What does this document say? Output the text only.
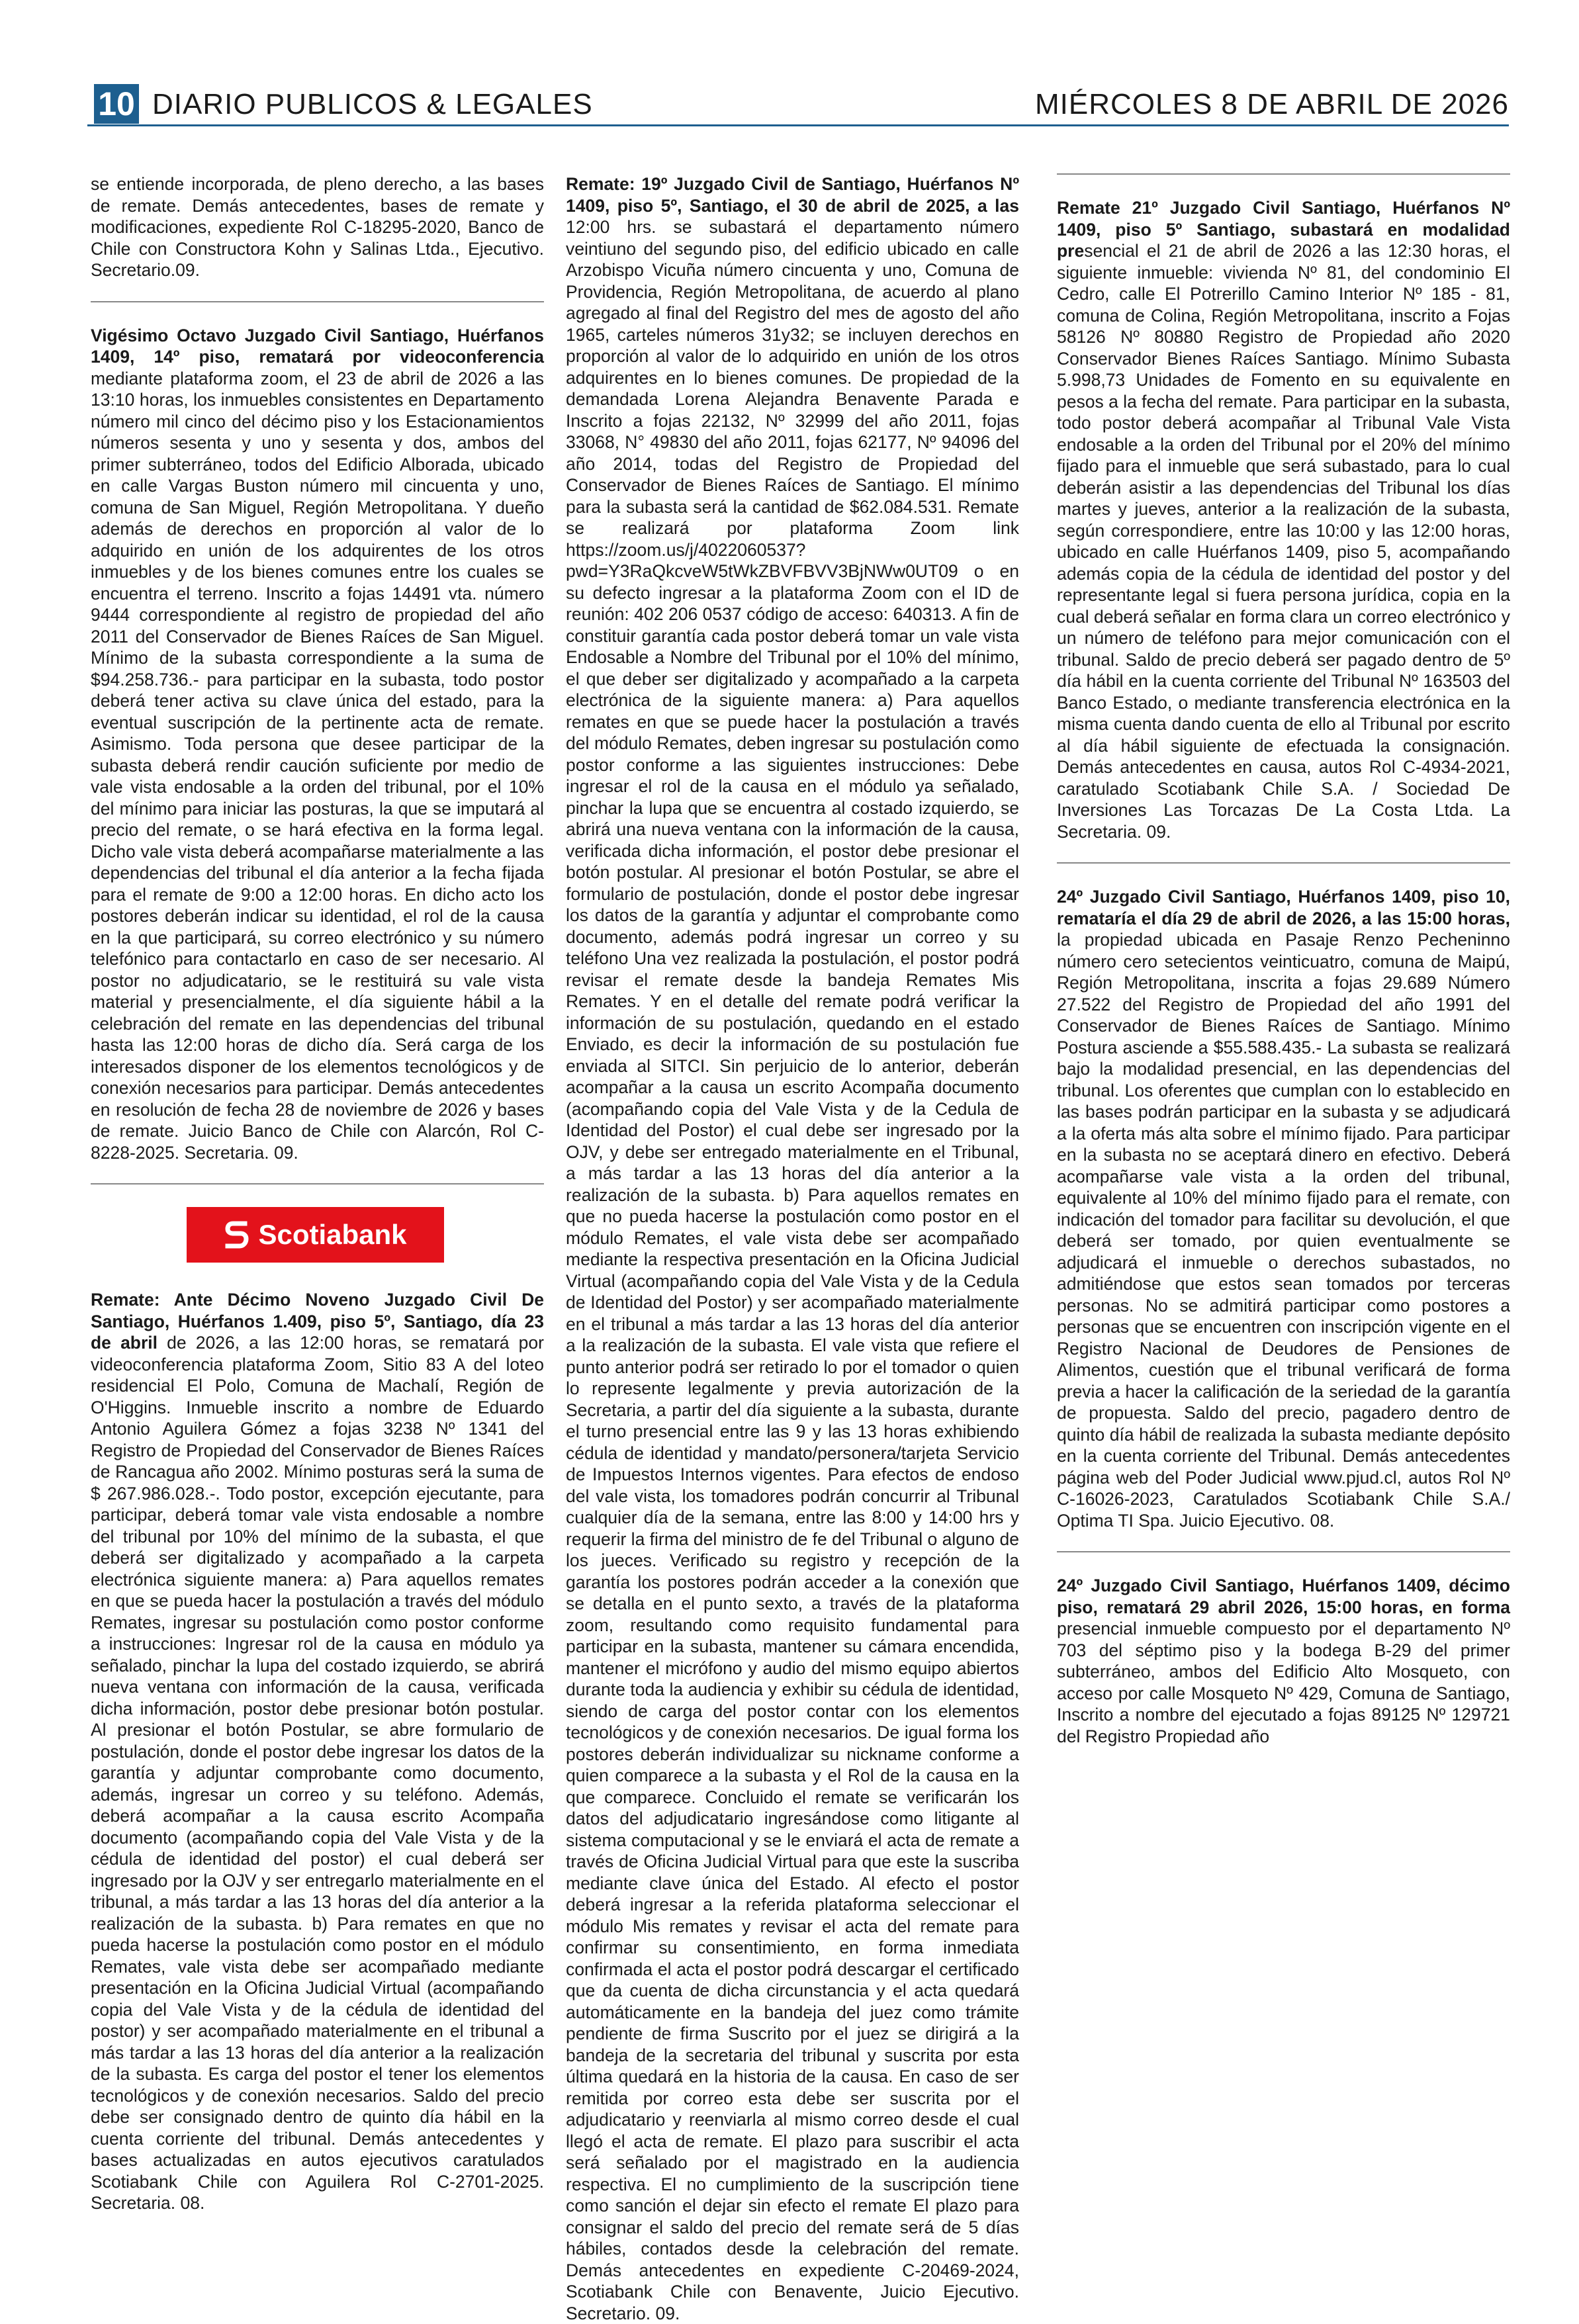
10 DIARIO PUBLICOS & LEGALES	MIÉRCOLES 8 DE ABRIL DE 2026

se entiende incorporada, de pleno derecho, a las bases de remate. Demás antecedentes, bases de remate y modificaciones, expediente Rol C-18295-2020, Banco de Chile con Constructora Kohn y Salinas Ltda., Ejecutivo. Secretario.09.

Vigésimo Octavo Juzgado Civil Santiago, Huérfanos 1409, 14º piso, rematará por videoconferencia mediante plataforma zoom, el 23 de abril de 2026 a las 13:10 horas, los inmuebles consistentes en Departamento número mil cinco del décimo piso y los Estacionamientos números sesenta y uno y sesenta y dos, ambos del primer subterráneo, todos del Edificio Alborada, ubicado en calle Vargas Buston número mil cincuenta y uno, comuna de San Miguel, Región Metropolitana. Y dueño además de derechos en proporción al valor de lo adquirido en unión de los adquirentes de los otros inmuebles y de los bienes comunes entre los cuales se encuentra el terreno. Inscrito a fojas 14491 vta. número 9444 correspondiente al registro de propiedad del año 2011 del Conservador de Bienes Raíces de San Miguel. Mínimo de la subasta correspondiente a la suma de $94.258.736.- para participar en la subasta, todo postor deberá tener activa su clave única del estado, para la eventual suscripción de la pertinente acta de remate. Asimismo. Toda persona que desee participar de la subasta deberá rendir caución suficiente por medio de vale vista endosable a la orden del tribunal, por el 10% del mínimo para iniciar las posturas, la que se imputará al precio del remate, o se hará efectiva en la forma legal. Dicho vale vista deberá acompañarse materialmente a las dependencias del tribunal el día anterior a la fecha fijada para el remate de 9:00 a 12:00 horas. En dicho acto los postores deberán indicar su identidad, el rol de la causa en la que participará, su correo electrónico y su número telefónico para contactarlo en caso de ser necesario. Al postor no adjudicatario, se le restituirá su vale vista material y presencialmente, el día siguiente hábil a la celebración del remate en las dependencias del tribunal hasta las 12:00 horas de dicho día. Será carga de los interesados disponer de los elementos tecnológicos y de conexión necesarios para participar. Demás antecedentes en resolución de fecha 28 de noviembre de 2026 y bases de remate. Juicio Banco de Chile con Alarcón, Rol C-8228-2025. Secretaria. 09.

Scotiabank

Remate: Ante Décimo Noveno Juzgado Civil De Santiago, Huérfanos 1.409, piso 5º, Santiago, día 23 de abril de 2026, a las 12:00 horas, se rematará por videoconferencia plataforma Zoom, Sitio 83 A del loteo residencial El Polo, Comuna de Machalí, Región de O'Higgins. Inmueble inscrito a nombre de Eduardo Antonio Aguilera Gómez a fojas 3238 Nº 1341 del Registro de Propiedad del Conservador de Bienes Raíces de Rancagua año 2002. Mínimo posturas será la suma de $ 267.986.028.-. Todo postor, excepción ejecutante, para participar, deberá tomar vale vista endosable a nombre del tribunal por 10% del mínimo de la subasta, el que deberá ser digitalizado y acompañado a la carpeta electrónica siguiente manera: a) Para aquellos remates en que se pueda hacer la postulación a través del módulo Remates, ingresar su postulación como postor conforme a instrucciones: Ingresar rol de la causa en módulo ya señalado, pinchar la lupa del costado izquierdo, se abrirá nueva ventana con información de la causa, verificada dicha información, postor debe presionar botón postular. Al presionar el botón Postular, se abre formulario de postulación, donde el postor debe ingresar los datos de la garantía y adjuntar comprobante como documento, además, ingresar un correo y su teléfono. Además, deberá acompañar a la causa escrito Acompaña documento (acompañando copia del Vale Vista y de la cédula de identidad del postor) el cual deberá ser ingresado por la OJV y ser entregarlo materialmente en el tribunal, a más tardar a las 13 horas del día anterior a la realización de la subasta. b) Para remates en que no pueda hacerse la postulación como postor en el módulo Remates, vale vista debe ser acompañado mediante presentación en la Oficina Judicial Virtual (acompañando copia del Vale Vista y de la cédula de identidad del postor) y ser acompañado materialmente en el tribunal a más tardar a las 13 horas del día anterior a la realización de la subasta. Es carga del postor el tener los elementos tecnológicos y de conexión necesarios. Saldo del precio debe ser consignado dentro de quinto día hábil en la cuenta corriente del tribunal. Demás antecedentes y bases actualizadas en autos ejecutivos caratulados Scotiabank Chile con Aguilera Rol C-2701-2025. Secretaria. 08.

Remate: 19º Juzgado Civil de Santiago, Huérfanos Nº 1409, piso 5º, Santiago, el 30 de abril de 2025, a las 12:00 hrs. se subastará el departamento número veintiuno del segundo piso, del edificio ubicado en calle Arzobispo Vicuña número cincuenta y uno, Comuna de Providencia, Región Metropolitana, de acuerdo al plano agregado al final del Registro del mes de agosto del año 1965, carteles números 31y32; se incluyen derechos en proporción al valor de lo adquirido en unión de los otros adquirentes en lo bienes comunes. De propiedad de la demandada Lorena Alejandra Benavente Parada e Inscrito a fojas 22132, Nº 32999 del año 2011, fojas 33068, N° 49830 del año 2011, fojas 62177, Nº 94096 del año 2014, todas del Registro de Propiedad del Conservador de Bienes Raíces de Santiago. El mínimo para la subasta será la cantidad de $62.084.531. Remate se realizará por plataforma Zoom link https://zoom.us/j/4022060537?pwd=Y3RaQkcveW5tWkZBVFBVV3BjNWw0UT09 o en su defecto ingresar a la plataforma Zoom con el ID de reunión: 402 206 0537 código de acceso: 640313. A fin de constituir garantía cada postor deberá tomar un vale vista Endosable a Nombre del Tribunal por el 10% del mínimo, el que deber ser digitalizado y acompañado a la carpeta electrónica de la siguiente manera: a) Para aquellos remates en que se puede hacer la postulación a través del módulo Remates, deben ingresar su postulación como postor conforme a las siguientes instrucciones: Debe ingresar el rol de la causa en el módulo ya señalado, pinchar la lupa que se encuentra al costado izquierdo, se abrirá una nueva ventana con la información de la causa, verificada dicha información, el postor debe presionar el botón postular. Al presionar el botón Postular, se abre el formulario de postulación, donde el postor debe ingresar los datos de la garantía y adjuntar el comprobante como documento, además podrá ingresar un correo y su teléfono Una vez realizada la postulación, el postor podrá revisar el remate desde la bandeja Remates Mis Remates. Y en el detalle del remate podrá verificar la información de su postulación, quedando en el estado Enviado, es decir la información de su postulación fue enviada al SITCI. Sin perjuicio de lo anterior, deberán acompañar a la causa un escrito Acompaña documento (acompañando copia del Vale Vista y de la Cedula de Identidad del Postor) el cual debe ser ingresado por la OJV, y debe ser entregado materialmente en el Tribunal, a más tardar a las 13 horas del día anterior a la realización de la subasta. b) Para aquellos remates en que no pueda hacerse la postulación como postor en el módulo Remates, el vale vista debe ser acompañado mediante la respectiva presentación en la Oficina Judicial Virtual (acompañando copia del Vale Vista y de la Cedula de Identidad del Postor) y ser acompañado materialmente en el tribunal a más tardar a las 13 horas del día anterior a la realización de la subasta. El vale vista que refiere el punto anterior podrá ser retirado lo por el tomador o quien lo represente legalmente y previa autorización de la Secretaria, a partir del día siguiente a la subasta, durante el turno presencial entre las 9 y las 13 horas exhibiendo cédula de identidad y mandato/personera/tarjeta Servicio de Impuestos Internos vigentes. Para efectos de endoso del vale vista, los tomadores podrán concurrir al Tribunal cualquier día de la semana, entre las 8:00 y 14:00 hrs y requerir la firma del ministro de fe del Tribunal o alguno de los jueces. Verificado su registro y recepción de la garantía los postores podrán acceder a la conexión que se detalla en el punto sexto, a través de la plataforma zoom, resultando como requisito fundamental para participar en la subasta, mantener su cámara encendida, mantener el micrófono y audio del mismo equipo abiertos durante toda la audiencia y exhibir su cédula de identidad, siendo de carga del postor contar con los elementos tecnológicos y de conexión necesarios. De igual forma los postores deberán individualizar su nickname conforme a quien comparece a la subasta y el Rol de la causa en la que comparece. Concluido el remate se verificarán los datos del adjudicatario ingresándose como litigante al sistema computacional y se le enviará el acta de remate a través de Oficina Judicial Virtual para que este la suscriba mediante clave única del Estado. Al efecto el postor deberá ingresar a la referida plataforma seleccionar el módulo Mis remates y revisar el acta del remate para confirmar su consentimiento, en forma inmediata confirmada el acta el postor podrá descargar el certificado que da cuenta de dicha circunstancia y el acta quedará automáticamente en la bandeja del juez como trámite pendiente de firma Suscrito por el juez se dirigirá a la bandeja de la secretaria del tribunal y suscrita por esta última quedará en la historia de la causa. En caso de ser remitida por correo esta debe ser suscrita por el adjudicatario y reenviarla al mismo correo desde el cual llegó el acta de remate. El plazo para suscribir el acta será señalado por el magistrado en la audiencia respectiva. El no cumplimiento de la suscripción tiene como sanción el dejar sin efecto el remate El plazo para consignar el saldo del precio del remate será de 5 días hábiles, contados desde la celebración del remate. Demás antecedentes en expediente C-20469-2024, Scotiabank Chile con Benavente, Juicio Ejecutivo. Secretario. 09.

Remate 21º Juzgado Civil Santiago, Huérfanos Nº 1409, piso 5º Santiago, subastará en modalidad presencial el 21 de abril de 2026 a las 12:30 horas, el siguiente inmueble: vivienda Nº 81, del condominio El Cedro, calle El Potrerillo Camino Interior Nº 185 - 81, comuna de Colina, Región Metropolitana, inscrito a Fojas 58126 Nº 80880 Registro de Propiedad año 2020 Conservador Bienes Raíces Santiago. Mínimo Subasta 5.998,73 Unidades de Fomento en su equivalente en pesos a la fecha del remate. Para participar en la subasta, todo postor deberá acompañar al Tribunal Vale Vista endosable a la orden del Tribunal por el 20% del mínimo fijado para el inmueble que será subastado, para lo cual deberán asistir a las dependencias del Tribunal los días martes y jueves, anterior a la realización de la subasta, según correspondiere, entre las 10:00 y las 12:00 horas, ubicado en calle Huérfanos 1409, piso 5, acompañando además copia de la cédula de identidad del postor y del representante legal si fuera persona jurídica, copia en la cual deberá señalar en forma clara un correo electrónico y un número de teléfono para mejor comunicación con el tribunal. Saldo de precio deberá ser pagado dentro de 5º día hábil en la cuenta corriente del Tribunal Nº 163503 del Banco Estado, o mediante transferencia electrónica en la misma cuenta dando cuenta de ello al Tribunal por escrito al día hábil siguiente de efectuada la consignación. Demás antecedentes en causa, autos Rol C-4934-2021, caratulado Scotiabank Chile S.A. / Sociedad De Inversiones Las Torcazas De La Costa Ltda. La Secretaria. 09.

24º Juzgado Civil Santiago, Huérfanos 1409, piso 10, remataría el día 29 de abril de 2026, a las 15:00 horas, la propiedad ubicada en Pasaje Renzo Pecheninno número cero setecientos veinticuatro, comuna de Maipú, Región Metropolitana, inscrita a fojas 29.689 Número 27.522 del Registro de Propiedad del año 1991 del Conservador de Bienes Raíces de Santiago. Mínimo Postura asciende a $55.588.435.- La subasta se realizará bajo la modalidad presencial, en las dependencias del tribunal. Los oferentes que cumplan con lo establecido en las bases podrán participar en la subasta y se adjudicará a la oferta más alta sobre el mínimo fijado. Para participar en la subasta no se aceptará dinero en efectivo. Deberá acompañarse vale vista a la orden del tribunal, equivalente al 10% del mínimo fijado para el remate, con indicación del tomador para facilitar su devolución, el que deberá ser tomado, por quien eventualmente se adjudicará el inmueble o derechos subastados, no admitiéndose que estos sean tomados por terceras personas. No se admitirá participar como postores a personas que se encuentren con inscripción vigente en el Registro Nacional de Deudores de Pensiones de Alimentos, cuestión que el tribunal verificará de forma previa a hacer la calificación de la seriedad de la garantía de propuesta. Saldo del precio, pagadero dentro de quinto día hábil de realizada la subasta mediante depósito en la cuenta corriente del Tribunal. Demás antecedentes página web del Poder Judicial www.pjud.cl, autos Rol Nº C-16026-2023, Caratulados Scotiabank Chile S.A./ Optima TI Spa. Juicio Ejecutivo. 08.

24º Juzgado Civil Santiago, Huérfanos 1409, décimo piso, rematará 29 abril 2026, 15:00 horas, en forma presencial inmueble compuesto por el departamento Nº 703 del séptimo piso y la bodega B-29 del primer subterráneo, ambos del Edificio Alto Mosqueto, con acceso por calle Mosqueto Nº 429, Comuna de Santiago, Inscrito a nombre del ejecutado a fojas 89125 Nº 129721 del Registro Propiedad año
